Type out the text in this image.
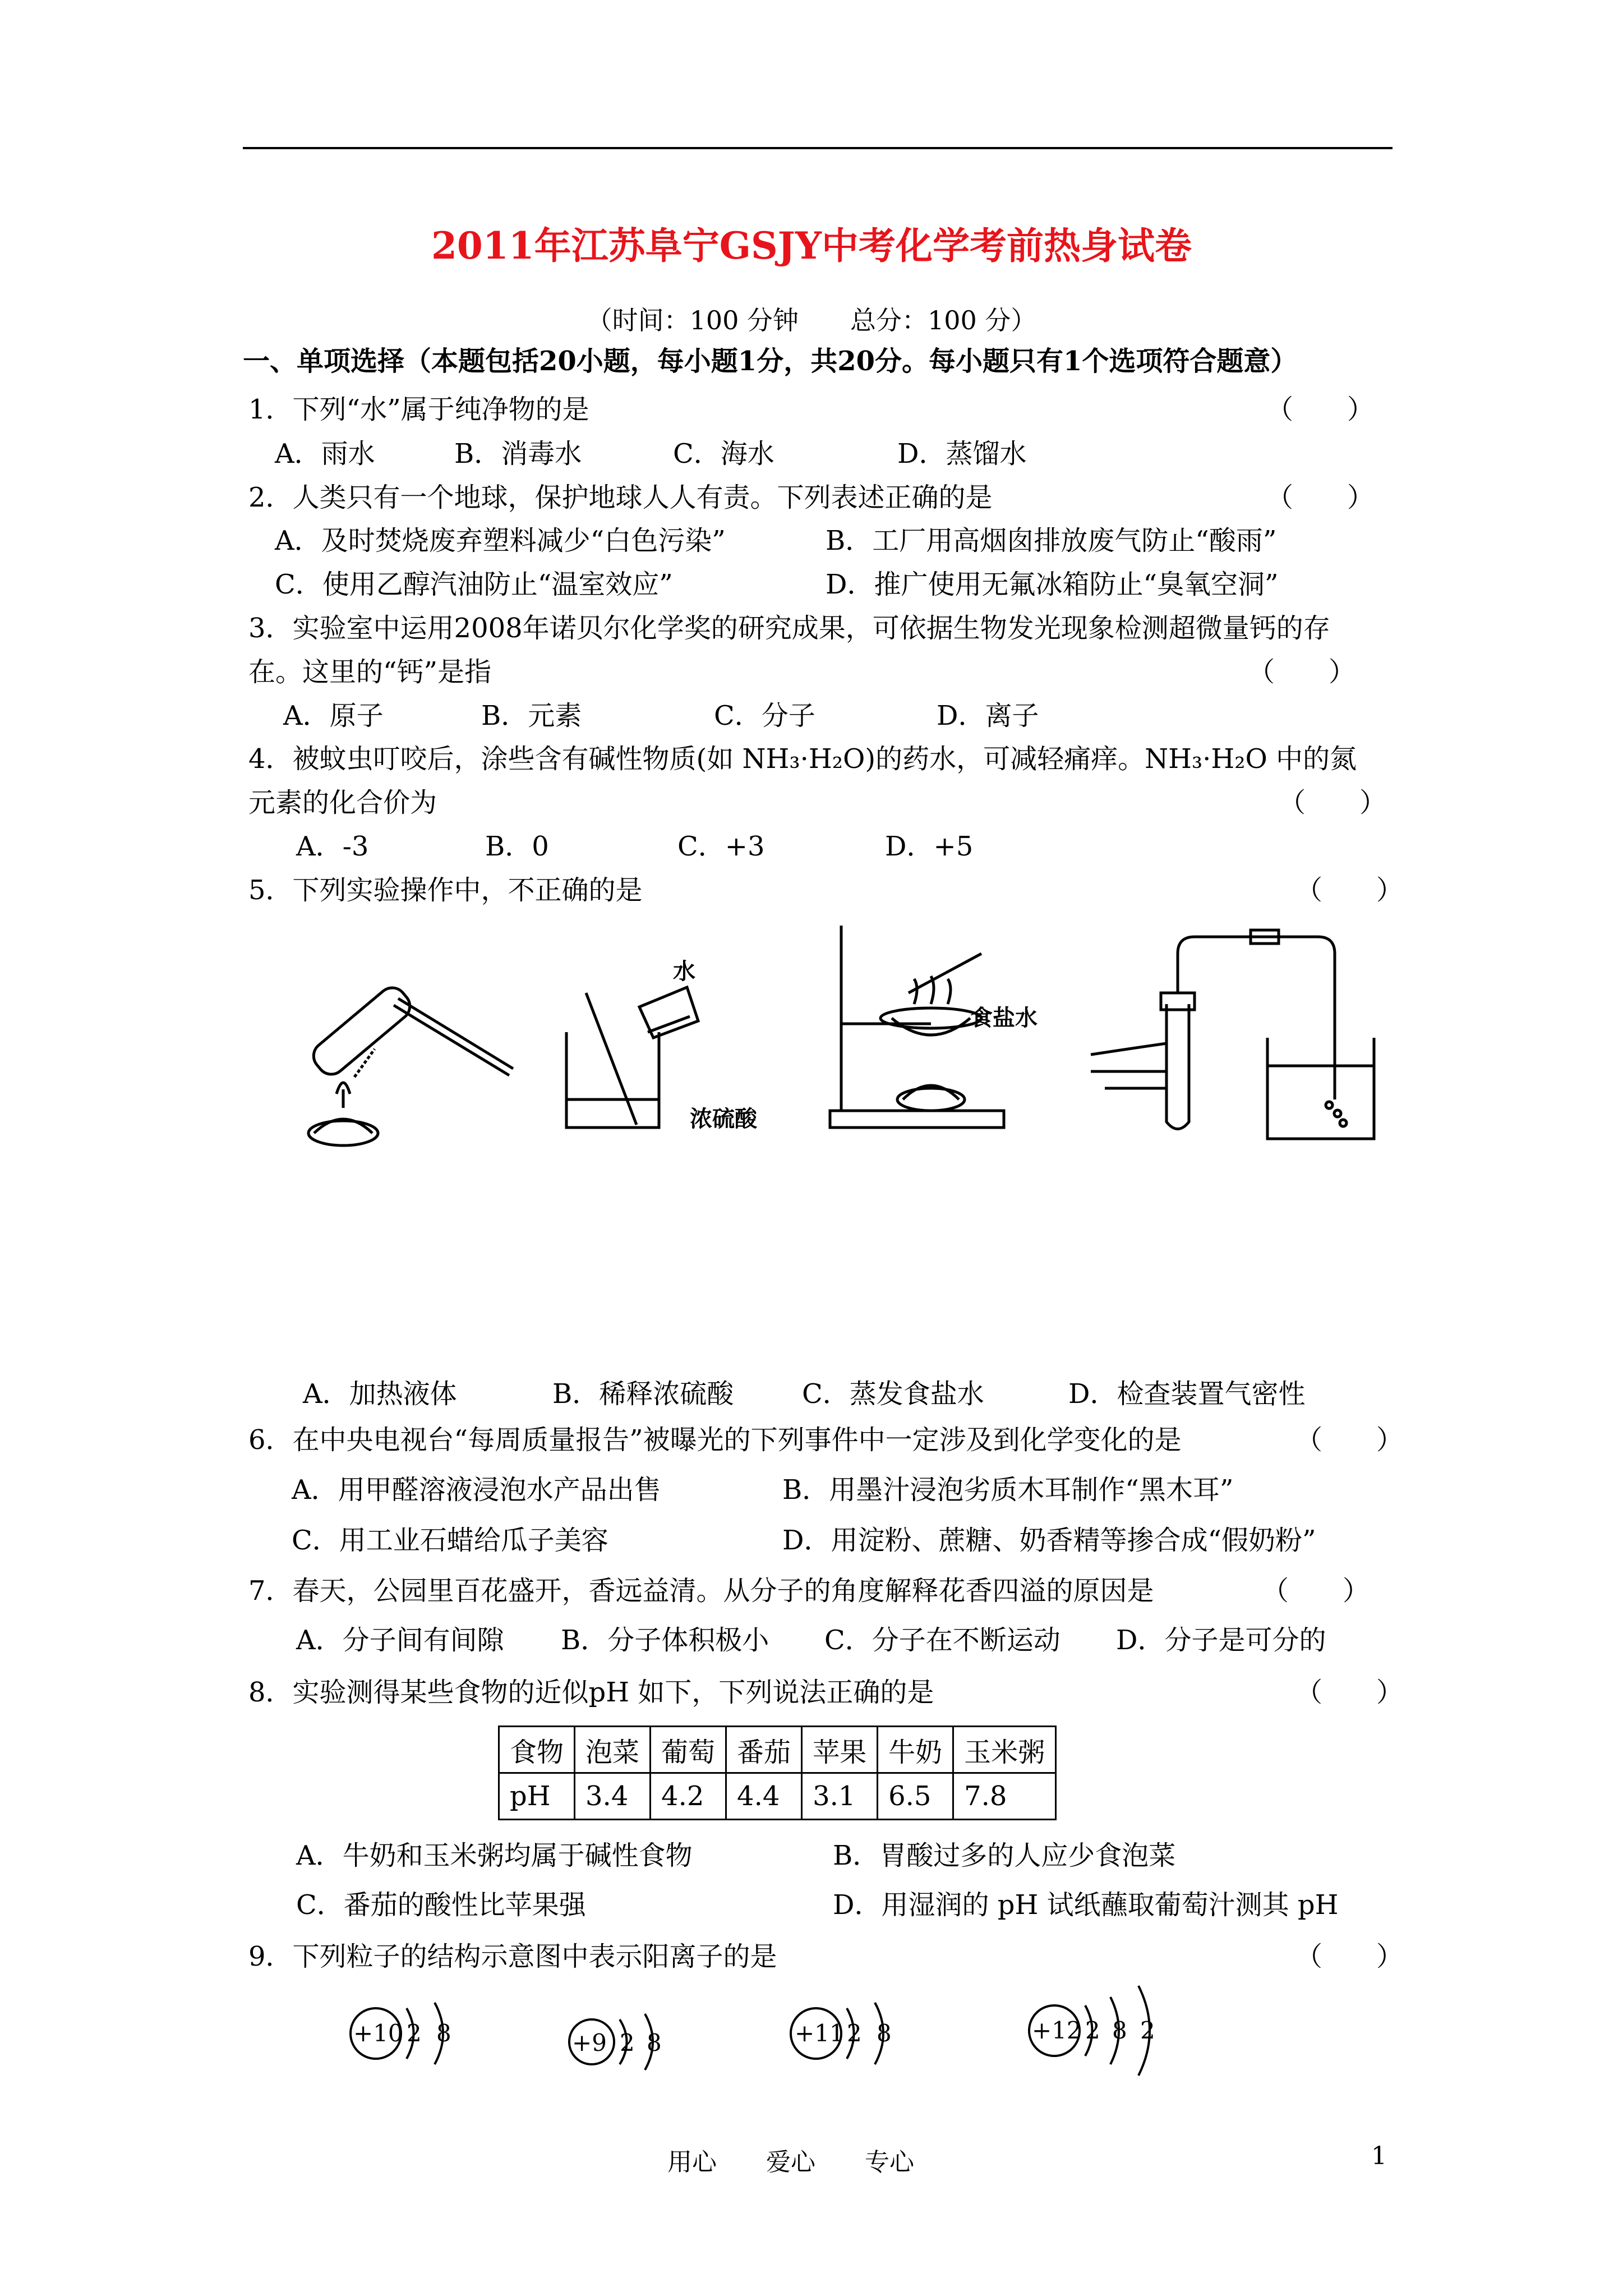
2011年江苏阜宁GSJY中考化学考前热身试卷
（时间：100 分钟　　总分：100 分）
一、单项选择（本题包括20小题，每小题1分，共20分。每小题只有1个选项符合题意）
1．下列“水”属于纯净物的是	（　　）
A．雨水	B．消毒水	C．海水	D．蒸馏水
2．人类只有一个地球，保护地球人人有责。下列表述正确的是	（　　）
A．及时焚烧废弃塑料减少“白色污染”	B．工厂用高烟囱排放废气防止“酸雨”
C．使用乙醇汽油防止“温室效应”	D．推广使用无氟冰箱防止“臭氧空洞”
3．实验室中运用2008年诺贝尔化学奖的研究成果，可依据生物发光现象检测超微量钙的存
在。这里的“钙”是指	（　　）
A．原子	B．元素	C．分子	D．离子
4．被蚊虫叮咬后，涂些含有碱性物质(如 NH₃·H₂O)的药水，可减轻痛痒。NH₃·H₂O 中的氮
元素的化合价为	（　　）
A．-3	B．0	C．+3	D．+5
5．下列实验操作中，不正确的是	（　　）
水
浓硫酸
食盐水
A．加热液体	B．稀释浓硫酸	C．蒸发食盐水	D．检查装置气密性
6．在中央电视台“每周质量报告”被曝光的下列事件中一定涉及到化学变化的是	（　　）
A．用甲醛溶液浸泡水产品出售	B．用墨汁浸泡劣质木耳制作“黑木耳”
C．用工业石蜡给瓜子美容	D．用淀粉、蔗糖、奶香精等掺合成“假奶粉”
7．春天，公园里百花盛开，香远益清。从分子的角度解释花香四溢的原因是	（　　）
A．分子间有间隙 B．分子体积极小 C．分子在不断运动 D．分子是可分的
8．实验测得某些食物的近似pH 如下，下列说法正确的是	（　　）
食物	泡菜	葡萄	番茄	苹果	牛奶	玉米粥
pH	3.4	4.2	4.4	3.1	6.5	7.8
A．牛奶和玉米粥均属于碱性食物	B．胃酸过多的人应少食泡菜
C．番茄的酸性比苹果强	D．用湿润的 pH 试纸蘸取葡萄汁测其 pH
9．下列粒子的结构示意图中表示阳离子的是	（　　）
+10 2 8	+9 2 8	+11 2 8	+12 2 8 2
用心　　爱心　　专心	1
